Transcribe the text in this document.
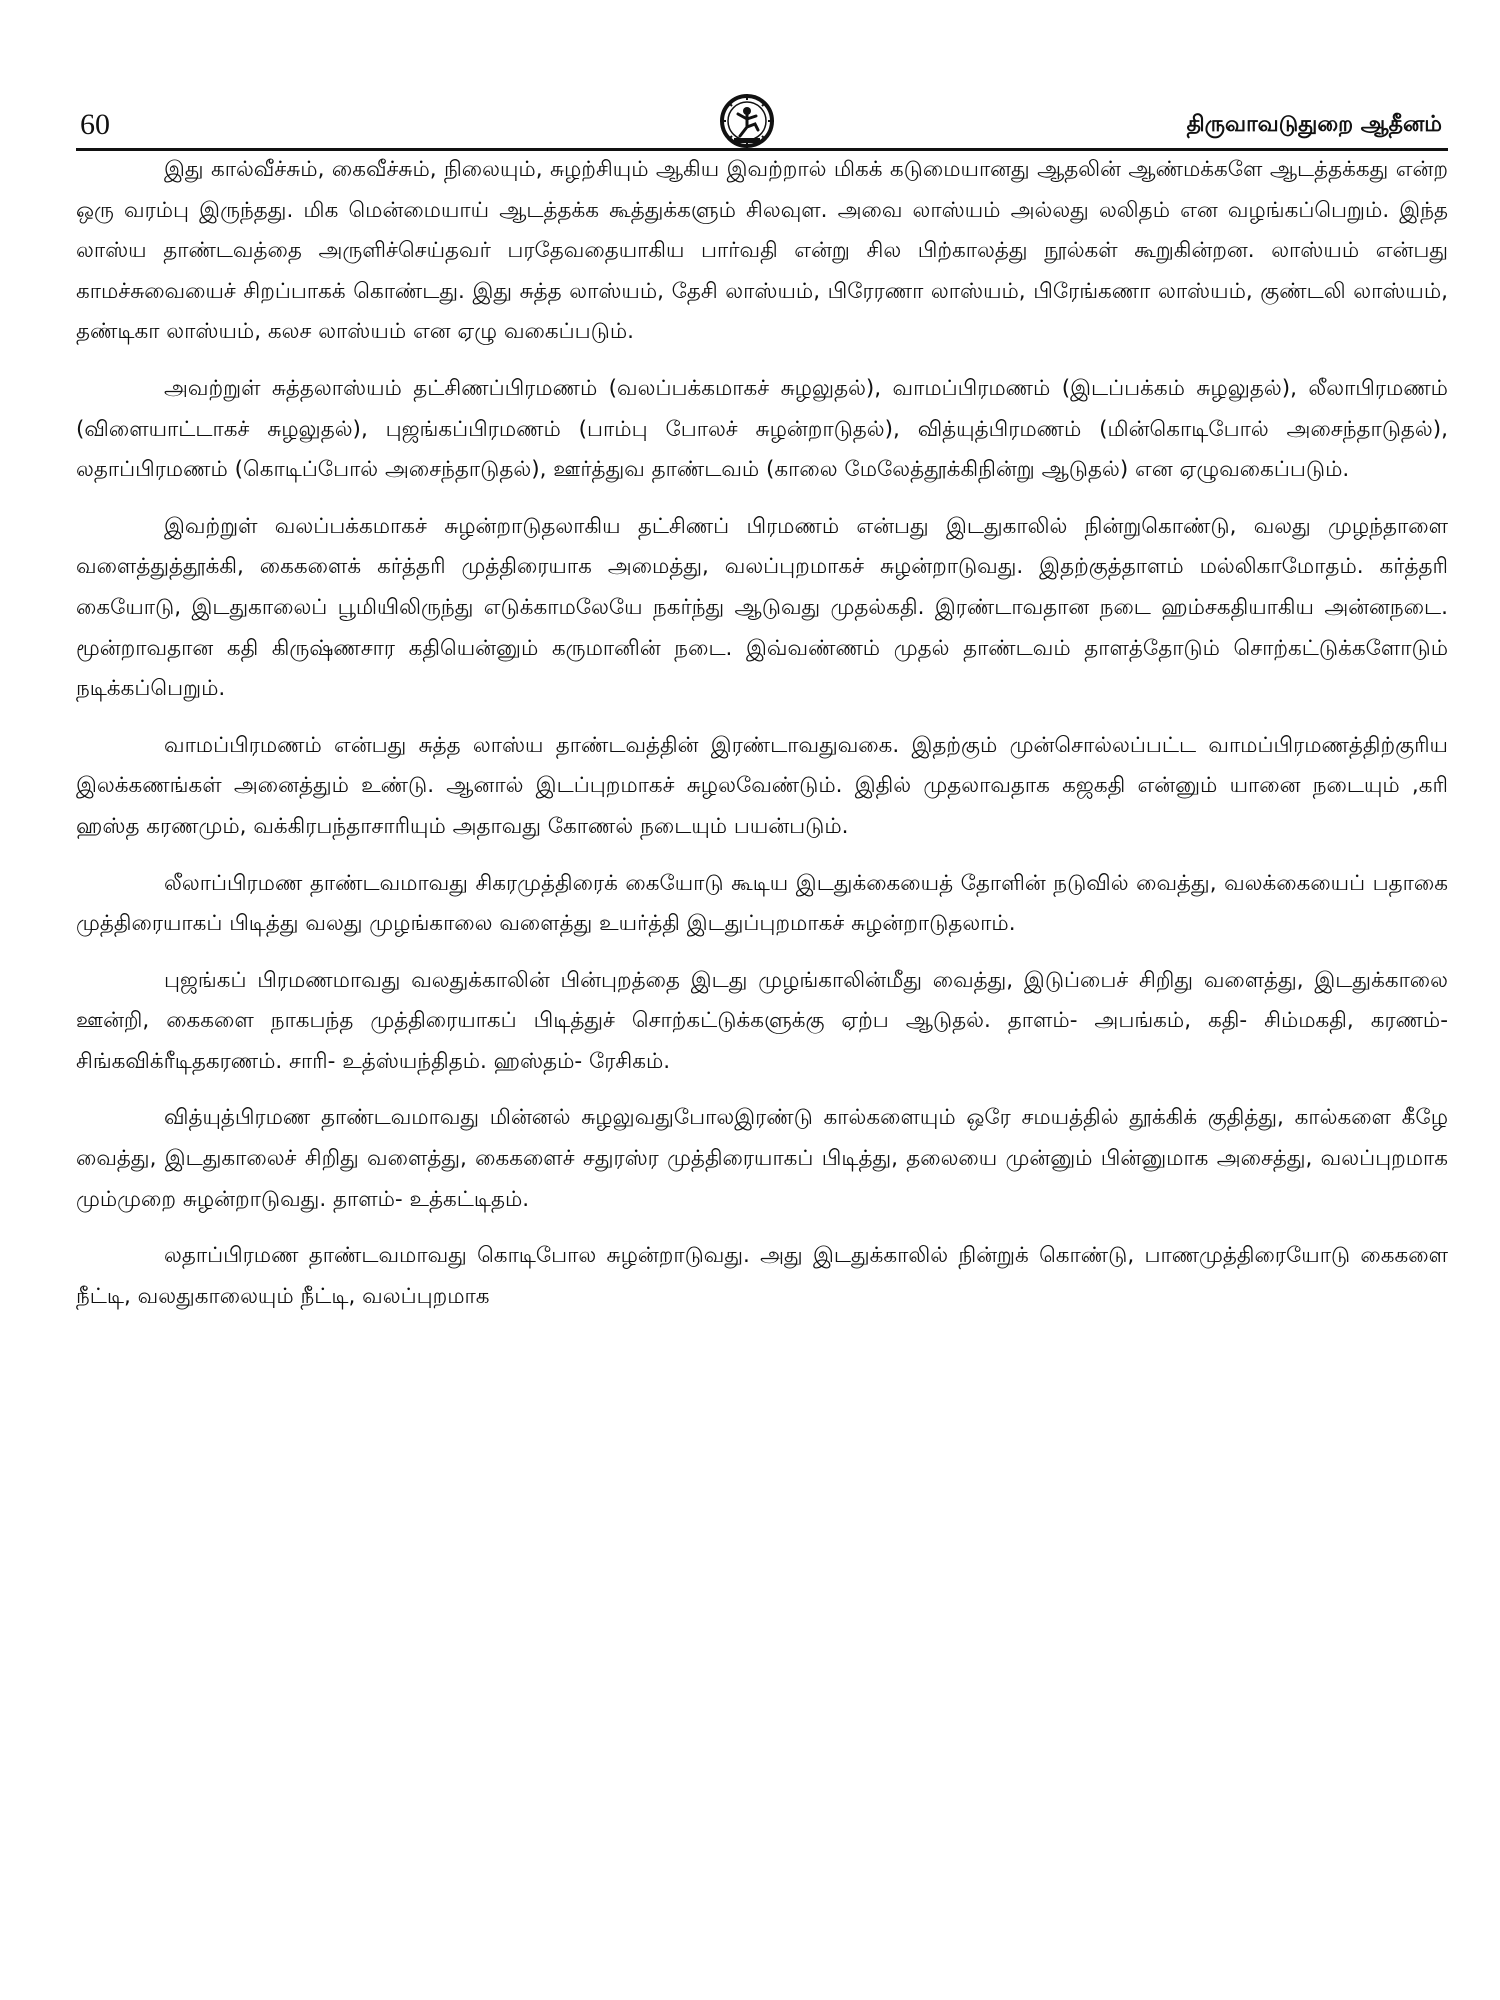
60	திருவாவடுதுறை ஆதீனம்

இது கால்வீச்சும், கைவீச்சும், நிலையும், சுழற்சியும் ஆகிய இவற்றால் மிகக் கடுமையானது ஆதலின் ஆண்மக்களே ஆடத்தக்கது என்ற ஒரு வரம்பு இருந்தது. மிக மென்மையாய் ஆடத்தக்க கூத்துக்களும் சிலவுள. அவை லாஸ்யம் அல்லது லலிதம் என வழங்கப்பெறும். இந்த லாஸ்ய தாண்டவத்தை அருளிச்செய்தவர் பரதேவதையாகிய பார்வதி என்று சில பிற்காலத்து நூல்கள் கூறுகின்றன. லாஸ்யம் என்பது காமச்சுவையைச் சிறப்பாகக் கொண்டது. இது சுத்த லாஸ்யம், தேசி லாஸ்யம், பிரேரணா லாஸ்யம், பிரேங்கணா லாஸ்யம், குண்டலி லாஸ்யம், தண்டிகா லாஸ்யம், கலச லாஸ்யம் என ஏழு வகைப்படும்.

அவற்றுள் சுத்தலாஸ்யம் தட்சிணப்பிரமணம் (வலப்பக்கமாகச் சுழலுதல்), வாமப்பிரமணம் (இடப்பக்கம் சுழலுதல்), லீலாபிரமணம் (விளையாட்டாகச் சுழலுதல்), புஜங்கப்பிரமணம் (பாம்பு போலச் சுழன்றாடுதல்), வித்யுத்பிரமணம் (மின்கொடிபோல் அசைந்தாடுதல்), லதாப்பிரமணம் (கொடிப்போல் அசைந்தாடுதல்), ஊர்த்துவ தாண்டவம் (காலை மேலேத்தூக்கிநின்று ஆடுதல்) என ஏழுவகைப்படும்.

இவற்றுள் வலப்பக்கமாகச் சுழன்றாடுதலாகிய தட்சிணப் பிரமணம் என்பது இடதுகாலில் நின்றுகொண்டு, வலது முழந்தாளை வளைத்துத்தூக்கி, கைகளைக் கர்த்தரி முத்திரையாக அமைத்து, வலப்புறமாகச் சுழன்றாடுவது. இதற்குத்தாளம் மல்லிகாமோதம். கர்த்தரி கையோடு, இடதுகாலைப் பூமியிலிருந்து எடுக்காமலேயே நகர்ந்து ஆடுவது முதல்கதி. இரண்டாவதான நடை ஹம்சகதியாகிய அன்னநடை. மூன்றாவதான கதி கிருஷ்ணசார கதியென்னும் கருமானின் நடை. இவ்வண்ணம் முதல் தாண்டவம் தாளத்தோடும் சொற்கட்டுக்களோடும் நடிக்கப்பெறும்.

வாமப்பிரமணம் என்பது சுத்த லாஸ்ய தாண்டவத்தின் இரண்டாவதுவகை. இதற்கும் முன்சொல்லப்பட்ட வாமப்பிரமணத்திற்குரிய இலக்கணங்கள் அனைத்தும் உண்டு. ஆனால் இடப்புறமாகச் சுழலவேண்டும். இதில் முதலாவதாக கஜகதி என்னும் யானை நடையும் ,கரி ஹஸ்த கரணமும், வக்கிரபந்தாசாரியும் அதாவது கோணல் நடையும் பயன்படும்.

லீலாப்பிரமண தாண்டவமாவது சிகரமுத்திரைக் கையோடு கூடிய இடதுக்கையைத் தோளின் நடுவில் வைத்து, வலக்கையைப் பதாகை முத்திரையாகப் பிடித்து வலது முழங்காலை வளைத்து உயர்த்தி இடதுப்புறமாகச் சுழன்றாடுதலாம்.

புஜங்கப் பிரமணமாவது வலதுக்காலின் பின்புறத்தை இடது முழங்காலின்மீது வைத்து, இடுப்பைச் சிறிது வளைத்து, இடதுக்காலை ஊன்றி, கைகளை நாகபந்த முத்திரையாகப் பிடித்துச் சொற்கட்டுக்களுக்கு ஏற்ப ஆடுதல். தாளம்- அபங்கம், கதி- சிம்மகதி, கரணம்- சிங்கவிக்ரீடிதகரணம். சாரி- உத்ஸ்யந்திதம். ஹஸ்தம்- ரேசிகம்.

வித்யுத்பிரமண தாண்டவமாவது மின்னல் சுழலுவதுபோலஇரண்டு கால்களையும் ஒரே சமயத்தில் தூக்கிக் குதித்து, கால்களை கீழே வைத்து, இடதுகாலைச் சிறிது வளைத்து, கைகளைச் சதுரஸ்ர முத்திரையாகப் பிடித்து, தலையை முன்னும் பின்னுமாக அசைத்து, வலப்புறமாக மும்முறை சுழன்றாடுவது. தாளம்- உத்கட்டிதம்.

லதாப்பிரமண தாண்டவமாவது கொடிபோல சுழன்றாடுவது. அது இடதுக்காலில் நின்றுக் கொண்டு, பாணமுத்திரையோடு கைகளை நீட்டி, வலதுகாலையும் நீட்டி, வலப்புறமாக
